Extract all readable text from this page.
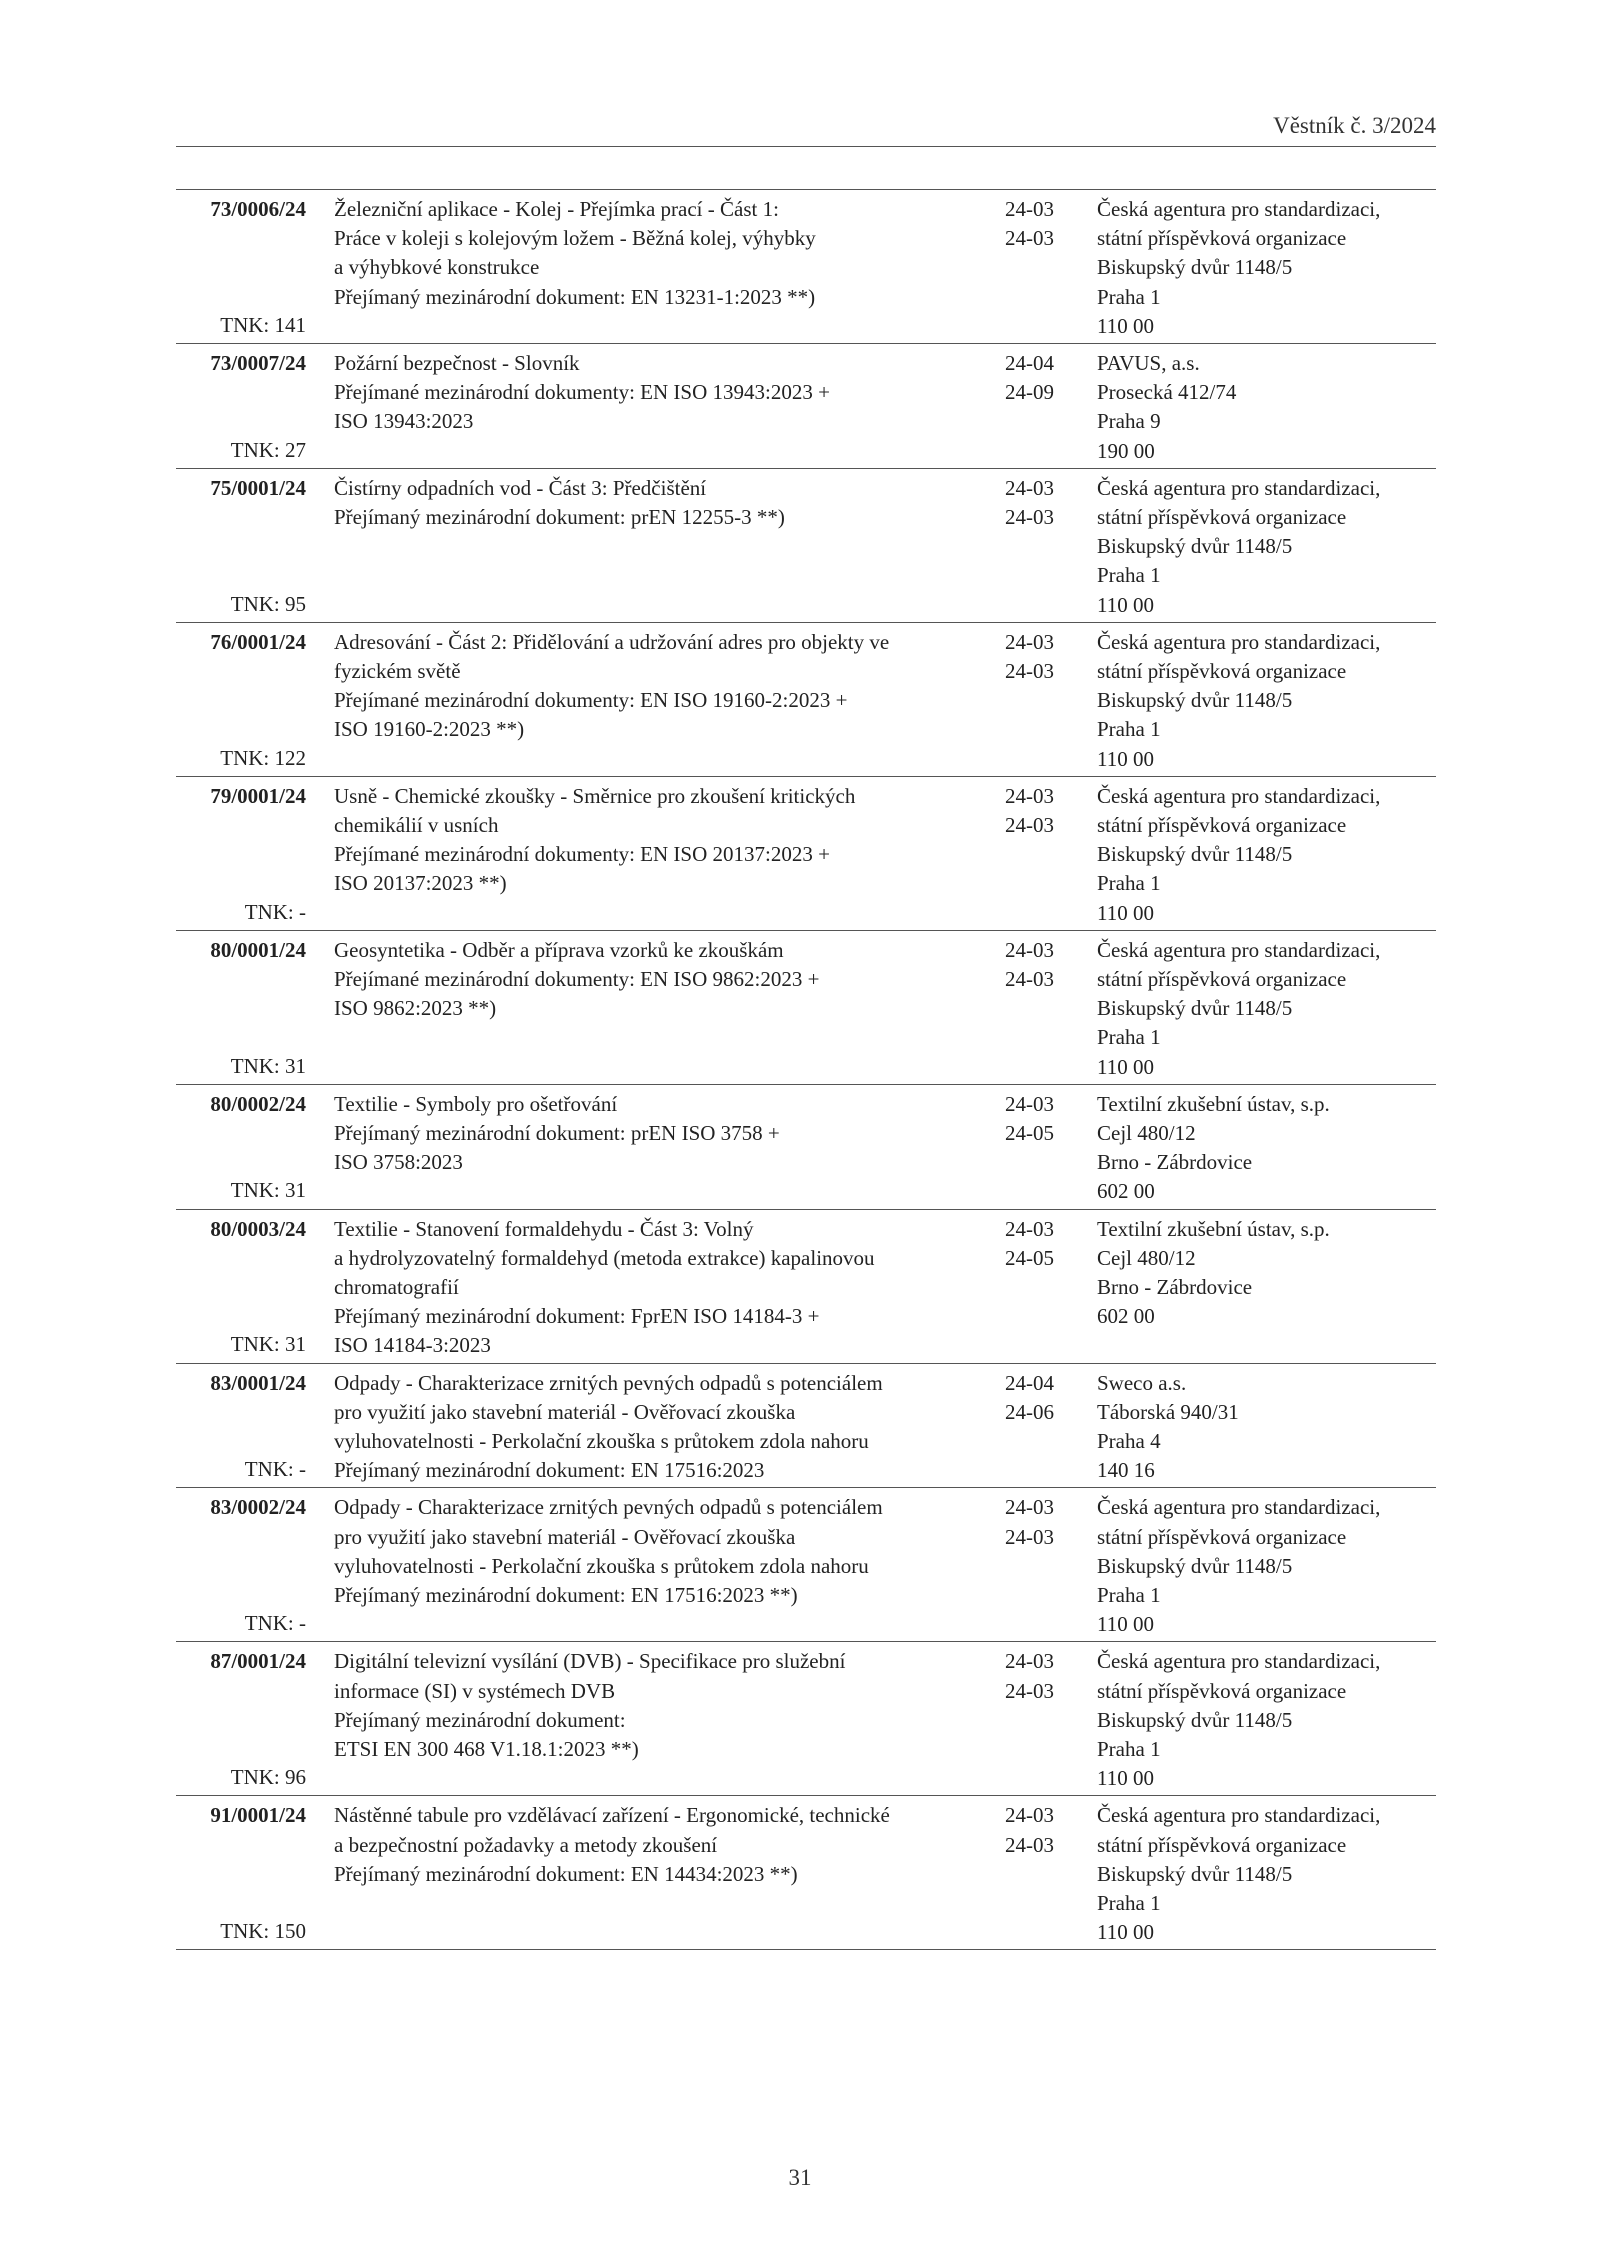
Věstník č. 3/2024
73/0006/24
TNK: 141
Železniční aplikace - Kolej - Přejímka prací - Část 1:
Práce v koleji s kolejovým ložem - Běžná kolej, výhybky
a výhybkové konstrukce
Přejímaný mezinárodní dokument: EN 13231-1:2023 **)
24-03
24-03
Česká agentura pro standardizaci,
státní příspěvková organizace
Biskupský dvůr 1148/5
Praha 1
110 00
73/0007/24
TNK: 27
Požární bezpečnost - Slovník
Přejímané mezinárodní dokumenty: EN ISO 13943:2023 +
ISO 13943:2023
24-04
24-09
PAVUS, a.s.
Prosecká 412/74
Praha 9
190 00
75/0001/24
TNK: 95
Čistírny odpadních vod - Část 3: Předčištění
Přejímaný mezinárodní dokument: prEN 12255-3 **)
24-03
24-03
Česká agentura pro standardizaci,
státní příspěvková organizace
Biskupský dvůr 1148/5
Praha 1
110 00
76/0001/24
TNK: 122
Adresování - Část 2: Přidělování a udržování adres pro objekty ve
fyzickém světě
Přejímané mezinárodní dokumenty: EN ISO 19160-2:2023 +
ISO 19160-2:2023 **)
24-03
24-03
Česká agentura pro standardizaci,
státní příspěvková organizace
Biskupský dvůr 1148/5
Praha 1
110 00
79/0001/24
TNK: -
Usně - Chemické zkoušky - Směrnice pro zkoušení kritických
chemikálií v usních
Přejímané mezinárodní dokumenty: EN ISO 20137:2023 +
ISO 20137:2023 **)
24-03
24-03
Česká agentura pro standardizaci,
státní příspěvková organizace
Biskupský dvůr 1148/5
Praha 1
110 00
80/0001/24
TNK: 31
Geosyntetika - Odběr a příprava vzorků ke zkouškám
Přejímané mezinárodní dokumenty: EN ISO 9862:2023 +
ISO 9862:2023 **)
24-03
24-03
Česká agentura pro standardizaci,
státní příspěvková organizace
Biskupský dvůr 1148/5
Praha 1
110 00
80/0002/24
TNK: 31
Textilie - Symboly pro ošetřování
Přejímaný mezinárodní dokument: prEN ISO 3758 +
ISO 3758:2023
24-03
24-05
Textilní zkušební ústav, s.p.
Cejl 480/12
Brno - Zábrdovice
602 00
80/0003/24
TNK: 31
Textilie - Stanovení formaldehydu - Část 3: Volný
a hydrolyzovatelný formaldehyd (metoda extrakce) kapalinovou
chromatografií
Přejímaný mezinárodní dokument: FprEN ISO 14184-3 +
ISO 14184-3:2023
24-03
24-05
Textilní zkušební ústav, s.p.
Cejl 480/12
Brno - Zábrdovice
602 00
83/0001/24
TNK: -
Odpady - Charakterizace zrnitých pevných odpadů s potenciálem
pro využití jako stavební materiál - Ověřovací zkouška
vyluhovatelnosti - Perkolační zkouška s průtokem zdola nahoru
Přejímaný mezinárodní dokument: EN 17516:2023
24-04
24-06
Sweco a.s.
Táborská 940/31
Praha 4
140 16
83/0002/24
TNK: -
Odpady - Charakterizace zrnitých pevných odpadů s potenciálem
pro využití jako stavební materiál - Ověřovací zkouška
vyluhovatelnosti - Perkolační zkouška s průtokem zdola nahoru
Přejímaný mezinárodní dokument: EN 17516:2023 **)
24-03
24-03
Česká agentura pro standardizaci,
státní příspěvková organizace
Biskupský dvůr 1148/5
Praha 1
110 00
87/0001/24
TNK: 96
Digitální televizní vysílání (DVB) - Specifikace pro služební
informace (SI) v systémech DVB
Přejímaný mezinárodní dokument:
ETSI EN 300 468 V1.18.1:2023 **)
24-03
24-03
Česká agentura pro standardizaci,
státní příspěvková organizace
Biskupský dvůr 1148/5
Praha 1
110 00
91/0001/24
TNK: 150
Nástěnné tabule pro vzdělávací zařízení - Ergonomické, technické
a bezpečnostní požadavky a metody zkoušení
Přejímaný mezinárodní dokument: EN 14434:2023 **)
24-03
24-03
Česká agentura pro standardizaci,
státní příspěvková organizace
Biskupský dvůr 1148/5
Praha 1
110 00
31
